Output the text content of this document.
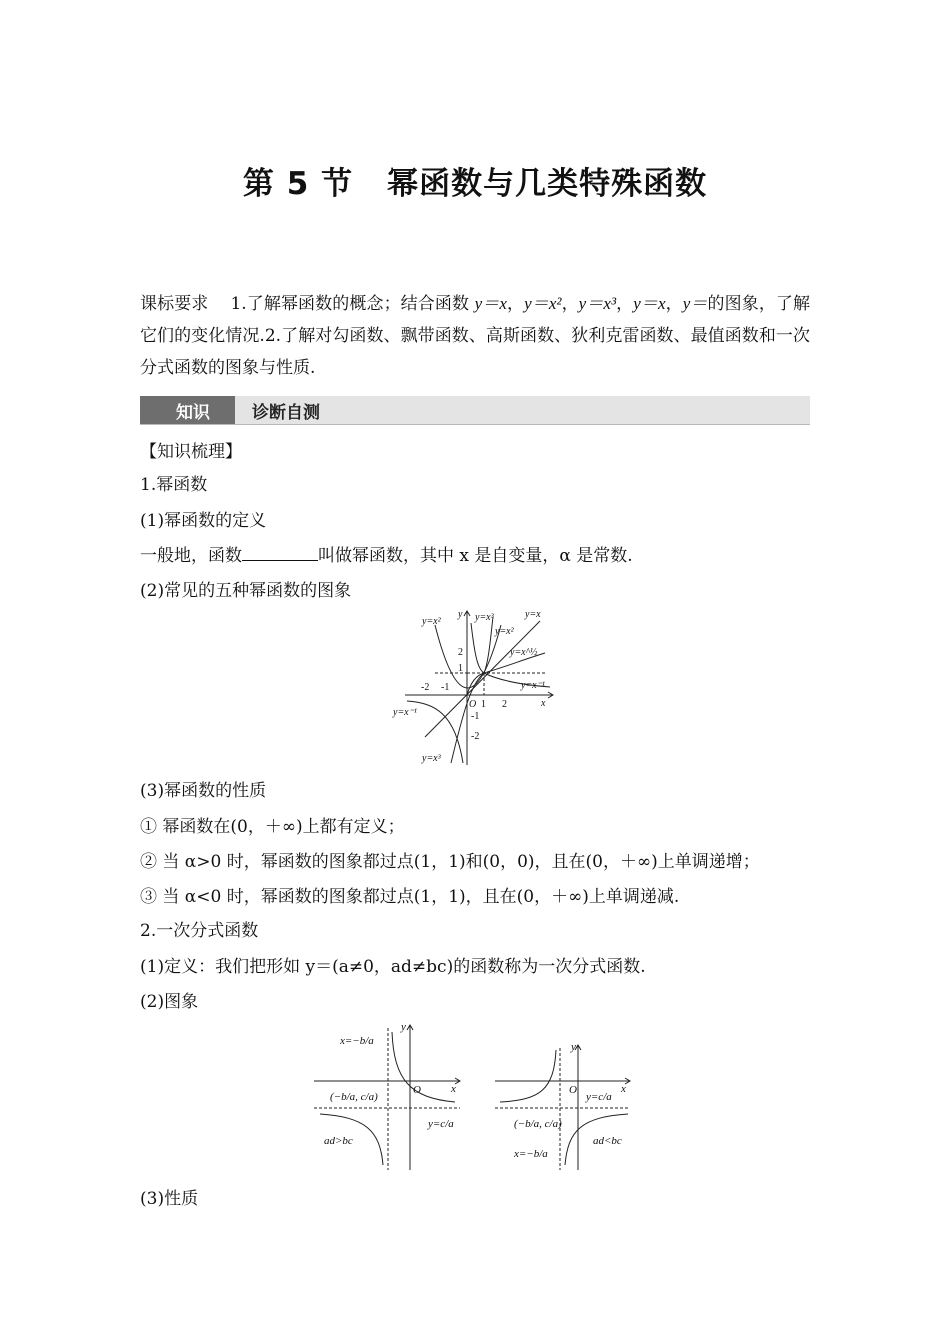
第 5 节 幂函数与几类特殊函数
课标要求 1.了解幂函数的概念；结合函数 y＝x，y＝x²，y＝x³，y＝x，y＝的图象，了解它们的变化情况.2.了解对勾函数、飘带函数、高斯函数、狄利克雷函数、最值函数和一次分式函数的图象与性质.
知识 诊断自测
【知识梳理】
1.幂函数
(1)幂函数的定义
一般地，函数	叫做幂函数，其中 x 是自变量，α 是常数.
(2)常见的五种幂函数的图象
y=x²	y=x³	y=x
y=x²
y=x^½
y=x⁻¹
y=x⁻¹
y=x³
y
x
O
-2 -1
1 2
1
2
-1
-2
(3)幂函数的性质
① 幂函数在(0，＋∞)上都有定义；
② 当 α>0 时，幂函数的图象都过点(1，1)和(0，0)，且在(0，＋∞)上单调递增；
③ 当 α<0 时，幂函数的图象都过点(1，1)，且在(0，＋∞)上单调递减.
2.一次分式函数
(1)定义：我们把形如 y＝(a≠0，ad≠bc)的函数称为一次分式函数.
(2)图象
x=−b/a
(−b/a, c/a)
y=c/a
ad>bc
O	x
y
y=c/a
(−b/a, c/a)
x=−b/a
ad<bc
O	x
y
(3)性质
